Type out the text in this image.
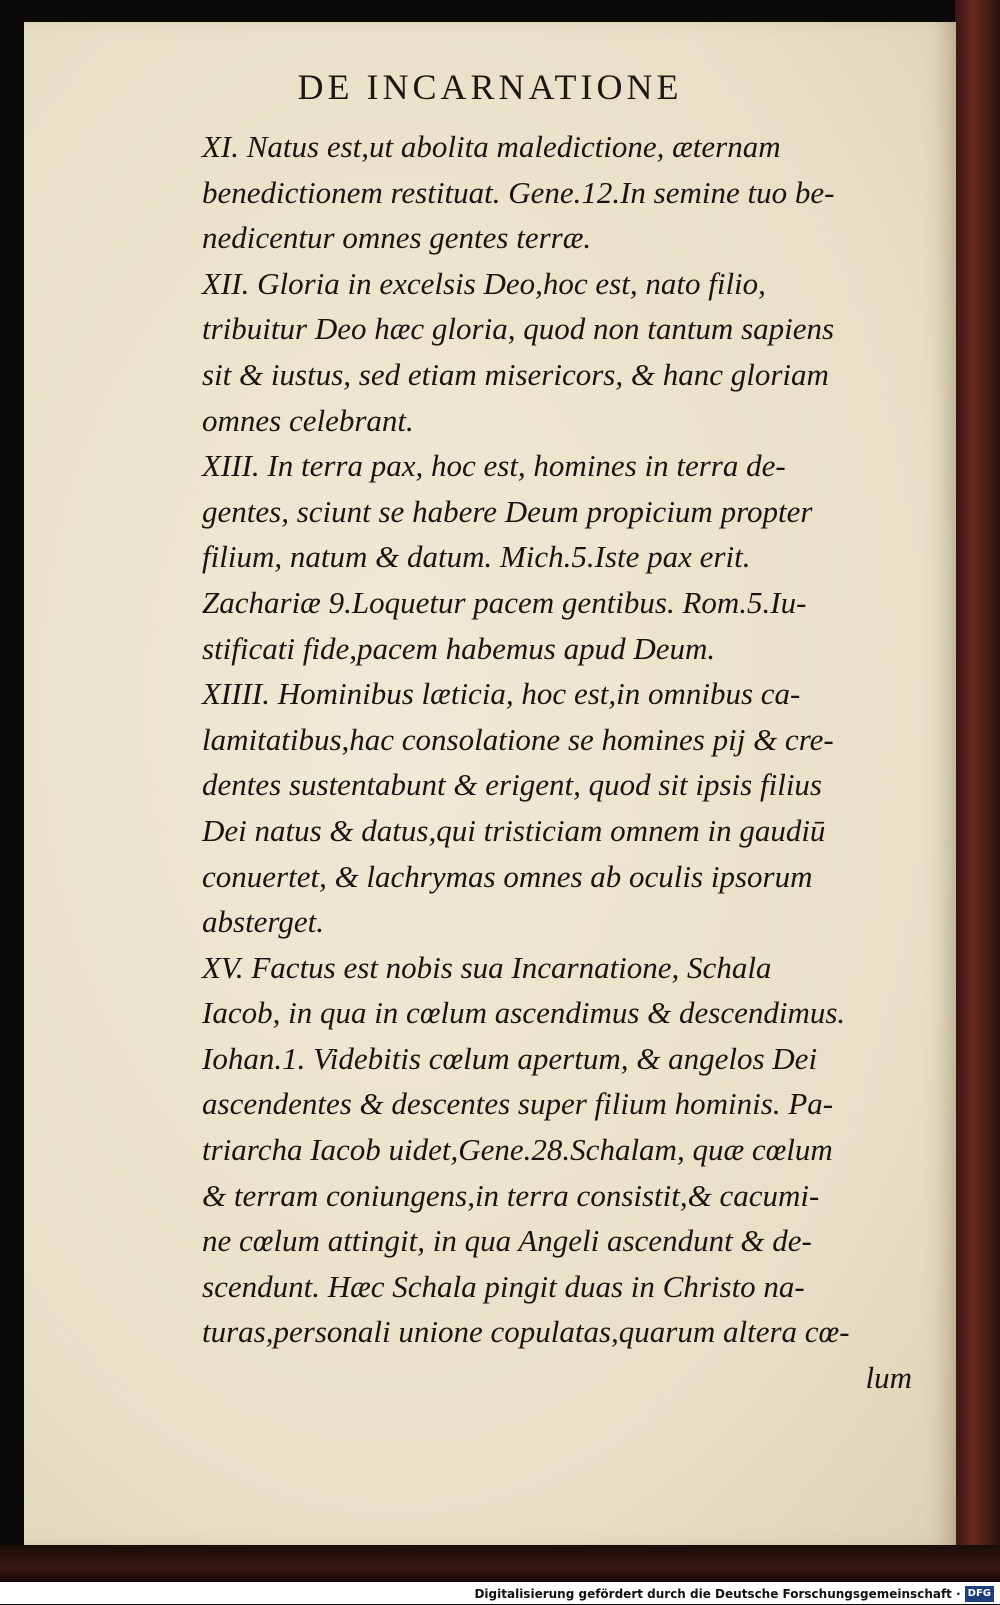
DE INCARNATIONE
XI. Natus est,ut abolita maledictione, æternam
benedictionem restituat. Gene.12.In semine tuo be-
nedicentur omnes gentes terræ.
XII. Gloria in excelsis Deo,hoc est, nato filio,
tribuitur Deo hæc gloria, quod non tantum sapiens
sit & iustus, sed etiam misericors, & hanc gloriam
omnes celebrant.
XIII. In terra pax, hoc est, homines in terra de-
gentes, sciunt se habere Deum propicium propter
filium, natum & datum. Mich.5.Iste pax erit.
Zachariæ 9.Loquetur pacem gentibus. Rom.5.Iu-
stificati fide,pacem habemus apud Deum.
XIIII. Hominibus læticia, hoc est,in omnibus ca-
lamitatibus,hac consolatione se homines pij & cre-
dentes sustentabunt & erigent, quod sit ipsis filius
Dei natus & datus,qui tristiciam omnem in gaudiū
conuertet, & lachrymas omnes ab oculis ipsorum
absterget.
XV. Factus est nobis sua Incarnatione, Schala
Iacob, in qua in cœlum ascendimus & descendimus.
Iohan.1. Videbitis cœlum apertum, & angelos Dei
ascendentes & descentes super filium hominis. Pa-
triarcha Iacob uidet,Gene.28.Schalam, quæ cœlum
& terram coniungens,in terra consistit,& cacumi-
ne cœlum attingit, in qua Angeli ascendunt & de-
scendunt. Hæc Schala pingit duas in Christo na-
turas,personali unione copulatas,quarum altera cœ-
lum
Digitalisierung gefördert durch die Deutsche Forschungsgemeinschaft · DFG
